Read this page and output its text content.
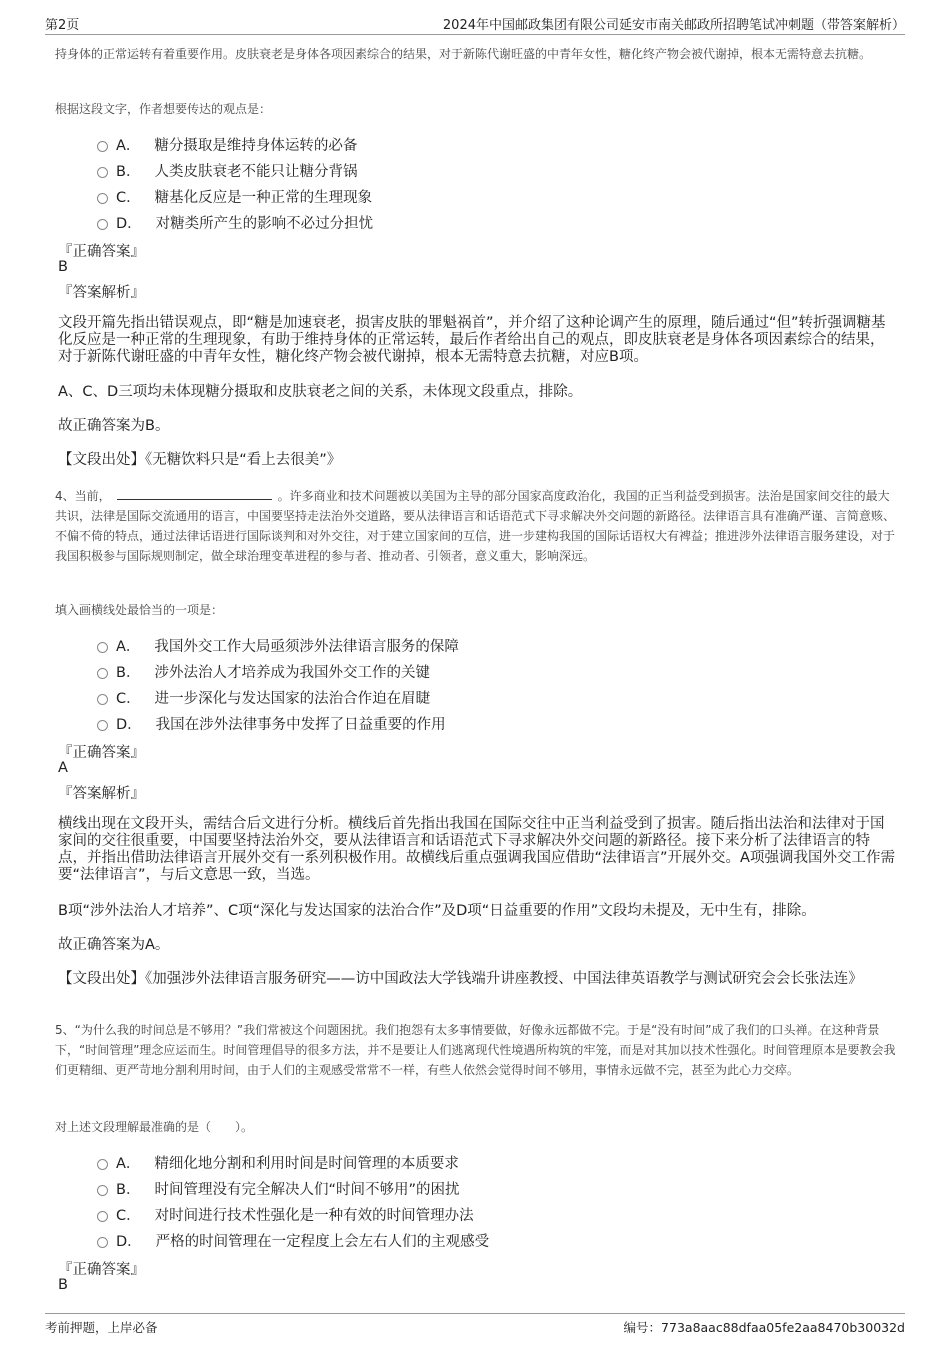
第2页	2024年中国邮政集团有限公司延安市南关邮政所招聘笔试冲刺题（带答案解析）

持身体的正常运转有着重要作用。皮肤衰老是身体各项因素综合的结果，对于新陈代谢旺盛的中青年女性，糖化终产物会被代谢掉，根本无需特意去抗糖。

根据这段文字，作者想要传达的观点是：
A． 糖分摄取是维持身体运转的必备
B． 人类皮肤衰老不能只让糖分背锅
C． 糖基化反应是一种正常的生理现象
D． 对糖类所产生的影响不必过分担忧
『正确答案』
B
『答案解析』

文段开篇先指出错误观点，即“糖是加速衰老，损害皮肤的罪魁祸首”，并介绍了这种论调产生的原理，随后通过“但”转折强调糖基化反应是一种正常的生理现象，有助于维持身体的正常运转，最后作者给出自己的观点，即皮肤衰老是身体各项因素综合的结果，对于新陈代谢旺盛的中青年女性，糖化终产物会被代谢掉，根本无需特意去抗糖，对应B项。

A、C、D三项均未体现糖分摄取和皮肤衰老之间的关系，未体现文段重点，排除。

故正确答案为B。

【文段出处】《无糖饮料只是“看上去很美”》

4、当前，	。许多商业和技术问题被以美国为主导的部分国家高度政治化，我国的正当利益受到损害。法治是国家间交往的最大共识，法律是国际交流通用的语言，中国要坚持走法治外交道路，要从法律语言和话语范式下寻求解决外交问题的新路径。法律语言具有准确严谨、言简意赅、不偏不倚的特点，通过法律话语进行国际谈判和对外交往，对于建立国家间的互信，进一步建构我国的国际话语权大有裨益；推进涉外法律语言服务建设，对于我国积极参与国际规则制定，做全球治理变革进程的参与者、推动者、引领者，意义重大，影响深远。

填入画横线处最恰当的一项是：
A． 我国外交工作大局亟须涉外法律语言服务的保障
B． 涉外法治人才培养成为我国外交工作的关键
C． 进一步深化与发达国家的法治合作迫在眉睫
D． 我国在涉外法律事务中发挥了日益重要的作用
『正确答案』
A
『答案解析』

横线出现在文段开头，需结合后文进行分析。横线后首先指出我国在国际交往中正当利益受到了损害。随后指出法治和法律对于国家间的交往很重要，中国要坚持法治外交，要从法律语言和话语范式下寻求解决外交问题的新路径。接下来分析了法律语言的特点，并指出借助法律语言开展外交有一系列积极作用。故横线后重点强调我国应借助“法律语言”开展外交。A项强调我国外交工作需要“法律语言”，与后文意思一致，当选。

B项“涉外法治人才培养”、C项“深化与发达国家的法治合作”及D项“日益重要的作用”文段均未提及，无中生有，排除。

故正确答案为A。

【文段出处】《加强涉外法律语言服务研究——访中国政法大学钱端升讲座教授、中国法律英语教学与测试研究会会长张法连》

5、“为什么我的时间总是不够用？”我们常被这个问题困扰。我们抱怨有太多事情要做，好像永远都做不完。于是“没有时间”成了我们的口头禅。在这种背景下，“时间管理”理念应运而生。时间管理倡导的很多方法，并不是要让人们逃离现代性境遇所构筑的牢笼，而是对其加以技术性强化。时间管理原本是要教会我们更精细、更严苛地分割利用时间，由于人们的主观感受常常不一样，有些人依然会觉得时间不够用，事情永远做不完，甚至为此心力交瘁。

对上述文段理解最准确的是（　　）。
A． 精细化地分割和利用时间是时间管理的本质要求
B． 时间管理没有完全解决人们“时间不够用”的困扰
C． 对时间进行技术性强化是一种有效的时间管理办法
D． 严格的时间管理在一定程度上会左右人们的主观感受
『正确答案』
B
考前押题，上岸必备	编号：773a8aac88dfaa05fe2aa8470b30032d
